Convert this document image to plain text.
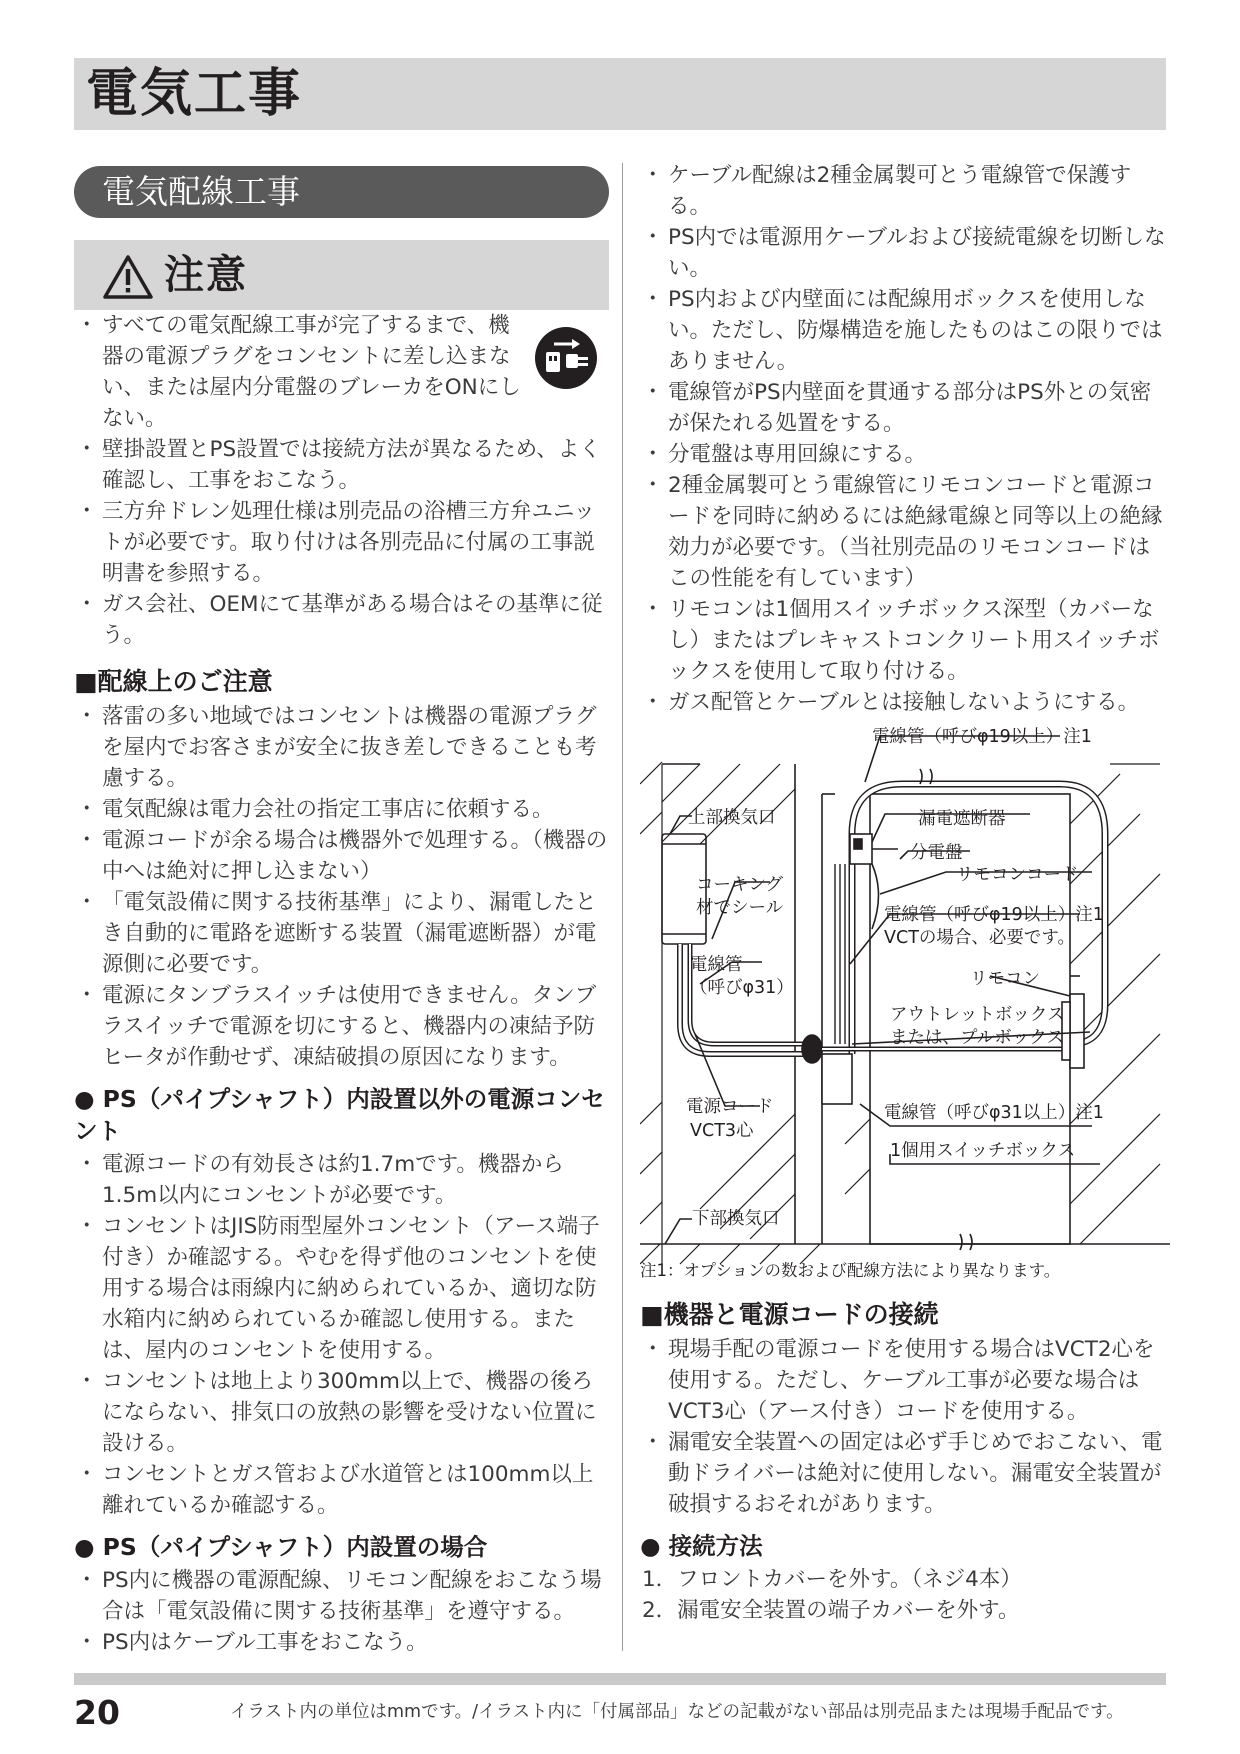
電気工事
電気配線工事
注意
・ すべての電気配線工事が完了するまで、機器の電源プラグをコンセントに差し込まない、または屋内分電盤のブレーカをONにしない。
・ 壁掛設置とPS設置では接続方法が異なるため、よく確認し、工事をおこなう。
・ 三方弁ドレン処理仕様は別売品の浴槽三方弁ユニットが必要です。取り付けは各別売品に付属の工事説明書を参照する。
・ ガス会社、OEMにて基準がある場合はその基準に従う。
■配線上のご注意
・ 落雷の多い地域ではコンセントは機器の電源プラグを屋内でお客さまが安全に抜き差しできることも考慮する。
・ 電気配線は電力会社の指定工事店に依頼する。
・ 電源コードが余る場合は機器外で処理する。（機器の中へは絶対に押し込まない）
・ 「電気設備に関する技術基準」により、漏電したとき自動的に電路を遮断する装置（漏電遮断器）が電源側に必要です。
・ 電源にタンブラスイッチは使用できません。タンブラスイッチで電源を切にすると、機器内の凍結予防ヒータが作動せず、凍結破損の原因になります。
● PS（パイプシャフト）内設置以外の電源コンセント
・ 電源コードの有効長さは約1.7mです。機器から1.5m以内にコンセントが必要です。
・ コンセントはJIS防雨型屋外コンセント（アース端子付き）か確認する。やむを得ず他のコンセントを使用する場合は雨線内に納められているか、適切な防水箱内に納められているか確認し使用する。または、屋内のコンセントを使用する。
・ コンセントは地上より300mm以上で、機器の後ろにならない、排気口の放熱の影響を受けない位置に設ける。
・ コンセントとガス管および水道管とは100mm以上離れているか確認する。
● PS（パイプシャフト）内設置の場合
・ PS内に機器の電源配線、リモコン配線をおこなう場合は「電気設備に関する技術基準」を遵守する。
・ PS内はケーブル工事をおこなう。
・ ケーブル配線は2種金属製可とう電線管で保護する。
・ PS内では電源用ケーブルおよび接続電線を切断しない。
・ PS内および内壁面には配線用ボックスを使用しない。ただし、防爆構造を施したものはこの限りではありません。
・ 電線管がPS内壁面を貫通する部分はPS外との気密が保たれる処置をする。
・ 分電盤は専用回線にする。
・ 2種金属製可とう電線管にリモコンコードと電源コードを同時に納めるには絶縁電線と同等以上の絶縁効力が必要です。（当社別売品のリモコンコードはこの性能を有しています）
・ リモコンは1個用スイッチボックス深型（カバーなし）またはプレキャストコンクリート用スイッチボックスを使用して取り付ける。
・ ガス配管とケーブルとは接触しないようにする。
電線管（呼びφ19以上）注1
上部換気口	漏電遮断器
分電盤
リモコンコード
コーキング
材でシール	電線管（呼びφ19以上）注1
VCTの場合、必要です。
電線管
（呼びφ31）	リモコン
アウトレットボックス
または、プルボックス
電源コード
VCT3心
電線管（呼びφ31以上）注1
1個用スイッチボックス
下部換気口
注1：オプションの数および配線方法により異なります。
■機器と電源コードの接続
・ 現場手配の電源コードを使用する場合はVCT2心を使用する。ただし、ケーブル工事が必要な場合はVCT3心（アース付き）コードを使用する。
・ 漏電安全装置への固定は必ず手じめでおこない、電動ドライバーは絶対に使用しない。漏電安全装置が破損するおそれがあります。
● 接続方法
1．フロントカバーを外す。（ネジ4本）
2．漏電安全装置の端子カバーを外す。
20	イラスト内の単位はmmです。/イラスト内に「付属部品」などの記載がない部品は別売品または現場手配品です。
